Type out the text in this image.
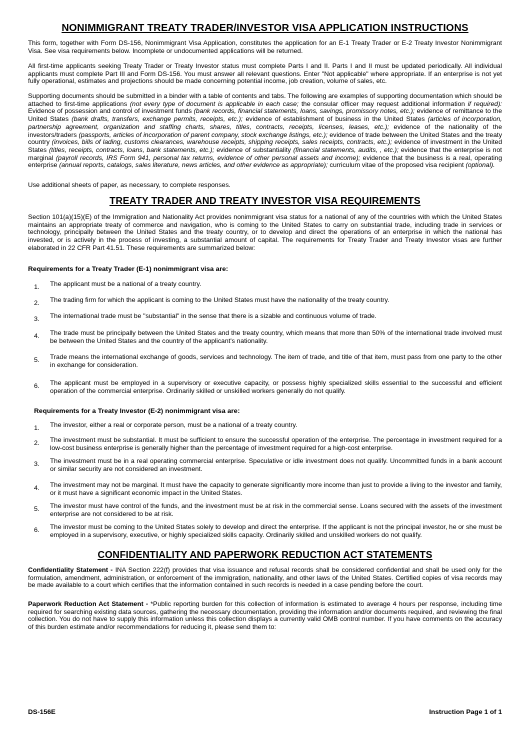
NONIMMIGRANT TREATY TRADER/INVESTOR VISA APPLICATION INSTRUCTIONS

This form, together with Form DS-156, Nonimmigrant Visa Application, constitutes the application for an E-1 Treaty Trader or E-2 Treaty Investor Nonimmigrant Visa. See visa requirements below. Incomplete or undocumented applications will be returned.

All first-time applicants seeking Treaty Trader or Treaty Investor status must complete Parts I and II. Parts I and II must be updated periodically. All individual applicants must complete Part III and Form DS-156. You must answer all relevant questions. Enter "Not applicable" where appropriate. If an enterprise is not yet fully operational, estimates and projections should be made concerning potential income, job creation, volume of sales, etc.

Supporting documents should be submitted in a binder with a table of contents and tabs. The following are examples of supporting documentation which should be attached to first-time applications (not every type of document is applicable in each case; the consular officer may request additional information if required): Evidence of possession and control of investment funds (bank records, financial statements, loans, savings, promissory notes, etc.); evidence of remittance to the United States (bank drafts, transfers, exchange permits, receipts, etc.); evidence of establishment of business in the United States (articles of incorporation, partnership agreement, organization and staffing charts, shares, titles, contracts, receipts, licenses, leases, etc.); evidence of the nationality of the investors/traders (passports, articles of incorporation of parent company, stock exchange listings, etc.); evidence of trade between the United States and the treaty country (invoices, bills of lading, customs clearances, warehouse receipts, shipping receipts, sales receipts, contracts, etc.); evidence of investment in the United States (titles, receipts, contracts, loans, bank statements, etc.); evidence of substantiality (financial statements, audits, , etc.); evidence that the enterprise is not marginal (payroll records, IRS Form 941, personal tax returns, evidence of other personal assets and income); evidence that the business is a real, operating enterprise (annual reports, catalogs, sales literature, news articles, and other evidence as appropriate); curriculum vitae of the proposed visa recipient (optional).

Use additional sheets of paper, as necessary, to complete responses.

TREATY TRADER AND TREATY INVESTOR VISA REQUIREMENTS

Section 101(a)(15)(E) of the Immigration and Nationality Act provides nonimmigrant visa status for a national of any of the countries with which the United States maintains an appropriate treaty of commerce and navigation, who is coming to the United States to carry on substantial trade, including trade in services or technology, principally between the United States and the treaty country, or to develop and direct the operations of an enterprise in which the national has invested, or is actively in the process of investing, a substantial amount of capital. The requirements for Treaty Trader and Treaty Investor visas are further elaborated in 22 CFR Part 41.51. These requirements are summarized below:

Requirements for a Treaty Trader (E-1) nonimmigrant visa are:
1. The applicant must be a national of a treaty country.
2. The trading firm for which the applicant is coming to the United States must have the nationality of the treaty country.
3. The international trade must be "substantial" in the sense that there is a sizable and continuous volume of trade.
4. The trade must be principally between the United States and the treaty country, which means that more than 50% of the international trade involved must be between the United States and the country of the applicant's nationality.
5. Trade means the international exchange of goods, services and technology. The item of trade, and title of that item, must pass from one party to the other in exchange for consideration.
6. The applicant must be employed in a supervisory or executive capacity, or possess highly specialized skills essential to the successful and efficient operation of the commercial enterprise. Ordinarily skilled or unskilled workers generally do not qualify.
Requirements for a Treaty Investor (E-2) nonimmigrant visa are:
1. The investor, either a real or corporate person, must be a national of a treaty country.
2. The investment must be substantial. It must be sufficient to ensure the successful operation of the enterprise. The percentage in investment required for a low-cost business enterprise is generally higher than the percentage of investment required for a high-cost enterprise.
3. The investment must be in a real operating commercial enterprise. Speculative or idle investment does not qualify. Uncommitted funds in a bank account or similar security are not considered an investment.
4. The investment may not be marginal. It must have the capacity to generate significantly more income than just to provide a living to the investor and family, or it must have a significant economic impact in the United States.
5. The investor must have control of the funds, and the investment must be at risk in the commercial sense. Loans secured with the assets of the investment enterprise are not considered to be at risk.
6. The investor must be coming to the United States solely to develop and direct the enterprise. If the applicant is not the principal investor, he or she must be employed in a supervisory, executive, or highly specialized skills capacity. Ordinarily skilled and unskilled workers do not qualify.
CONFIDENTIALITY AND PAPERWORK REDUCTION ACT STATEMENTS

Confidentiality Statement - INA Section 222(f) provides that visa issuance and refusal records shall be considered confidential and shall be used only for the formulation, amendment, administration, or enforcement of the immigration, nationality, and other laws of the United States. Certified copies of visa records may be made available to a court which certifies that the information contained in such records is needed in a case pending before the court.

Paperwork Reduction Act Statement - *Public reporting burden for this collection of information is estimated to average 4 hours per response, including time required for searching existing data sources, gathering the necessary documentation, providing the information and/or documents required, and reviewing the final collection. You do not have to supply this information unless this collection displays a currently valid OMB control number. If you have comments on the accuracy of this burden estimate and/or recommendations for reducing it, please send them to:

DS-156E	Instruction Page 1 of 1
